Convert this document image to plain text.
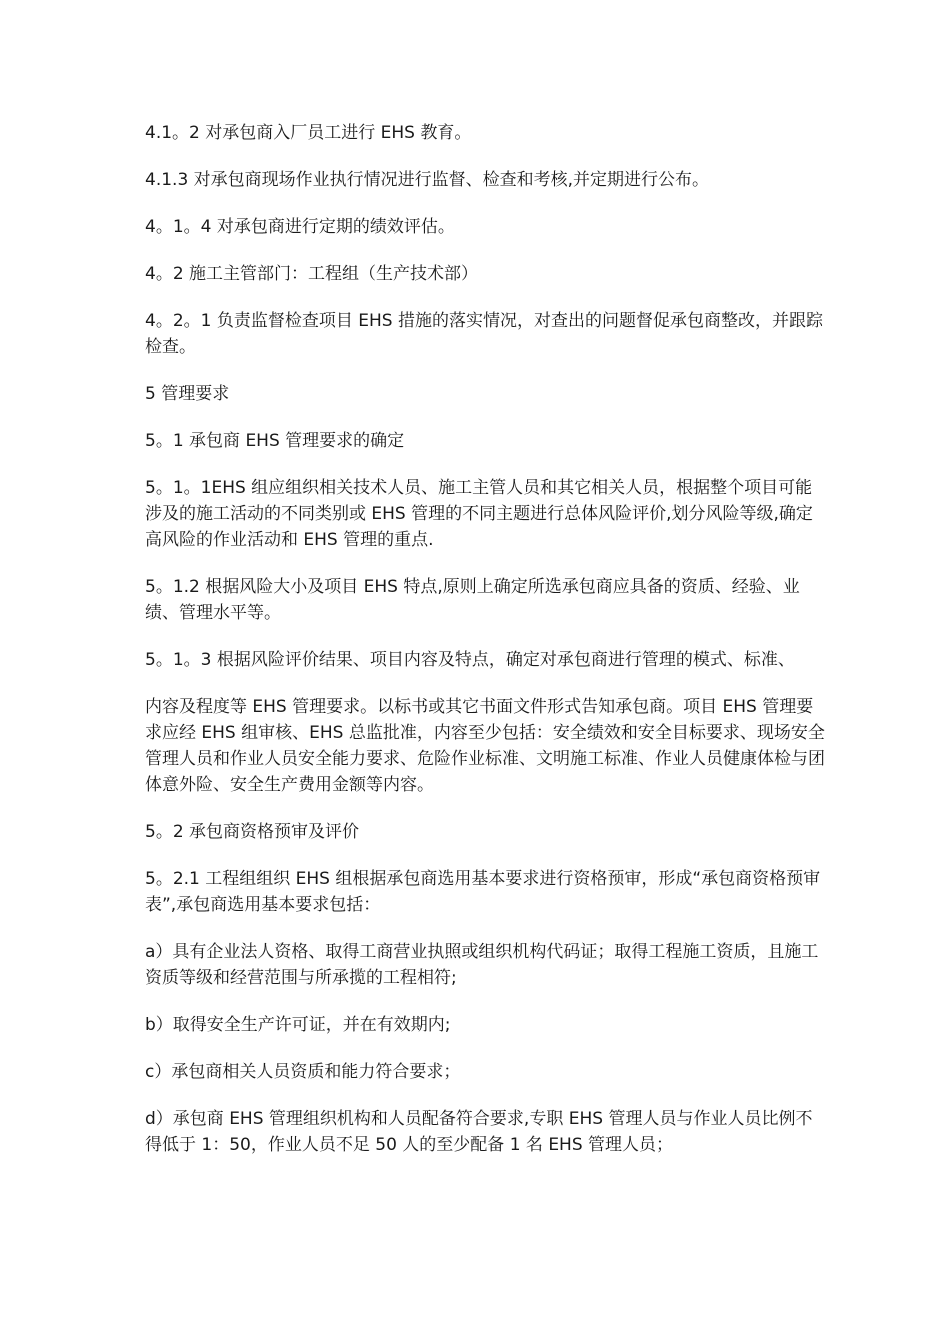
4.1。2 对承包商入厂员工进行 EHS 教育。

4.1.3 对承包商现场作业执行情况进行监督、检查和考核,并定期进行公布。

4。1。4 对承包商进行定期的绩效评估。

4。2 施工主管部门：工程组（生产技术部）

4。2。1 负责监督检查项目 EHS 措施的落实情况，对查出的问题督促承包商整改，并跟踪检查。

5 管理要求

5。1 承包商 EHS 管理要求的确定

5。1。1EHS 组应组织相关技术人员、施工主管人员和其它相关人员，根据整个项目可能涉及的施工活动的不同类别或 EHS 管理的不同主题进行总体风险评价,划分风险等级,确定高风险的作业活动和 EHS 管理的重点.

5。1.2 根据风险大小及项目 EHS 特点,原则上确定所选承包商应具备的资质、经验、业绩、管理水平等。

5。1。3 根据风险评价结果、项目内容及特点，确定对承包商进行管理的模式、标准、

内容及程度等 EHS 管理要求。以标书或其它书面文件形式告知承包商。项目 EHS 管理要求应经 EHS 组审核、EHS 总监批准，内容至少包括：安全绩效和安全目标要求、现场安全管理人员和作业人员安全能力要求、危险作业标准、文明施工标准、作业人员健康体检与团体意外险、安全生产费用金额等内容。

5。2 承包商资格预审及评价

5。2.1 工程组组织 EHS 组根据承包商选用基本要求进行资格预审，形成“承包商资格预审表”,承包商选用基本要求包括：

a）具有企业法人资格、取得工商营业执照或组织机构代码证；取得工程施工资质，且施工资质等级和经营范围与所承揽的工程相符;

b）取得安全生产许可证，并在有效期内;

c）承包商相关人员资质和能力符合要求；

d）承包商 EHS 管理组织机构和人员配备符合要求,专职 EHS 管理人员与作业人员比例不得低于 1：50，作业人员不足 50 人的至少配备 1 名 EHS 管理人员；
